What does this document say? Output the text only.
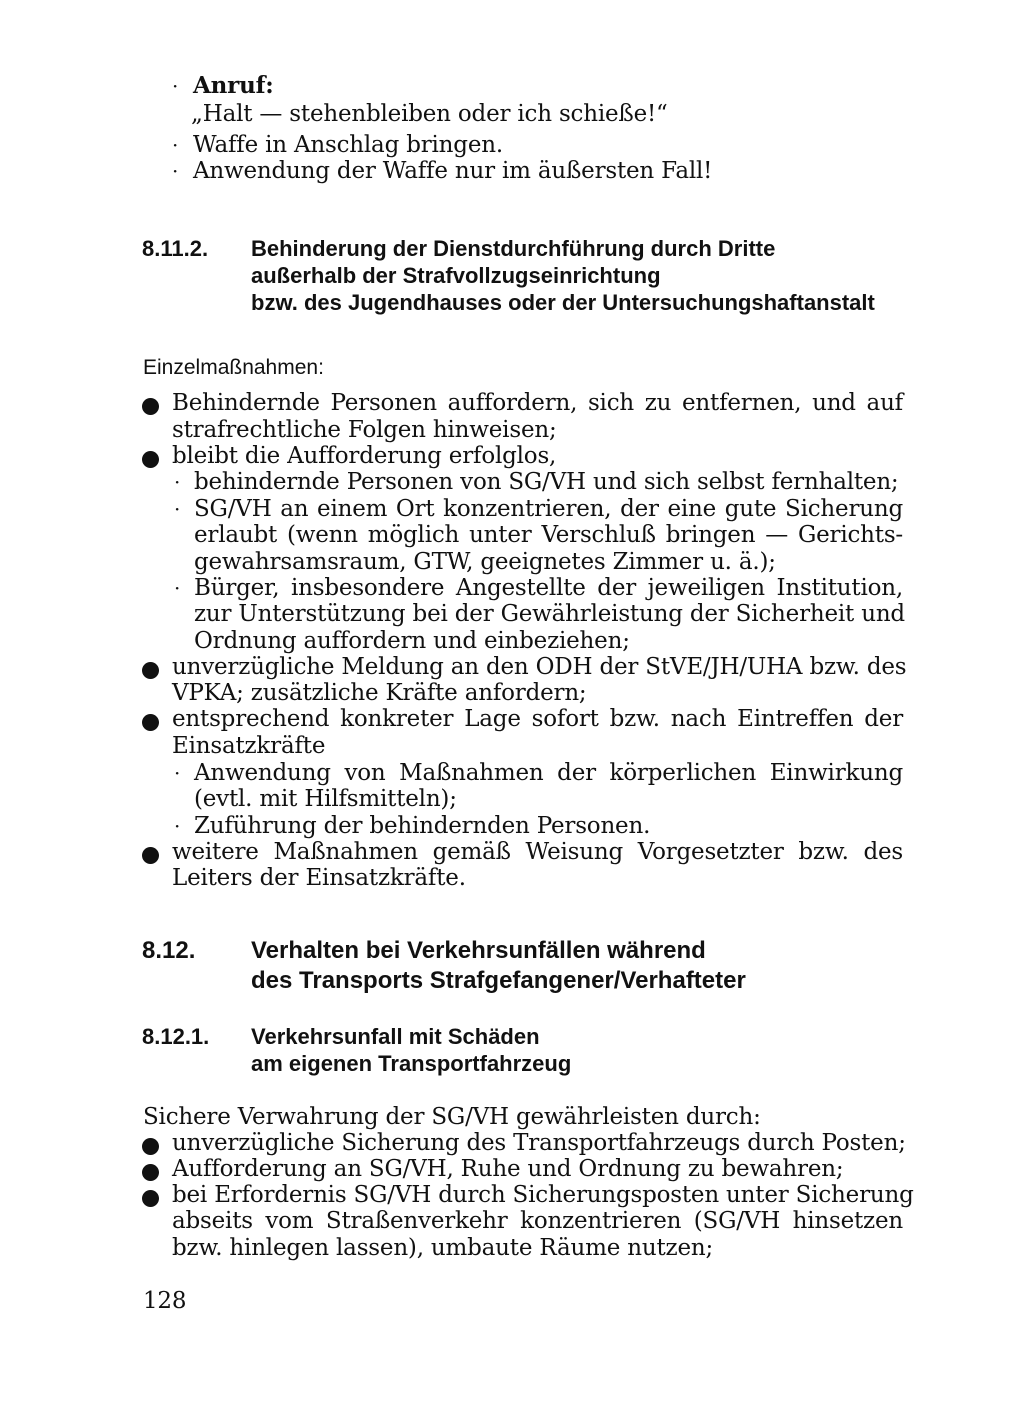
· Anruf:
„Halt — stehenbleiben oder ich schieße!“
· Waffe in Anschlag bringen.
· Anwendung der Waffe nur im äußersten Fall!
8.11.2. Behinderung der Dienstdurchführung durch Dritte
außerhalb der Strafvollzugseinrichtung
bzw. des Jugendhauses oder der Untersuchungshaftanstalt
Einzelmaßnahmen:
Behindernde Personen auffordern, sich zu entfernen, und auf
strafrechtliche Folgen hinweisen;
bleibt die Aufforderung erfolglos,
· behindernde Personen von SG/VH und sich selbst fernhalten;
· SG/VH an einem Ort konzentrieren, der eine gute Sicherung
erlaubt (wenn möglich unter Verschluß bringen — Gerichts-
gewahrsamsraum, GTW, geeignetes Zimmer u. ä.);
· Bürger, insbesondere Angestellte der jeweiligen Institution,
zur Unterstützung bei der Gewährleistung der Sicherheit und
Ordnung auffordern und einbeziehen;
unverzügliche Meldung an den ODH der StVE/JH/UHA bzw. des
VPKA; zusätzliche Kräfte anfordern;
entsprechend konkreter Lage sofort bzw. nach Eintreffen der
Einsatzkräfte
· Anwendung von Maßnahmen der körperlichen Einwirkung
(evtl. mit Hilfsmitteln);
· Zuführung der behindernden Personen.
weitere Maßnahmen gemäß Weisung Vorgesetzter bzw. des
Leiters der Einsatzkräfte.
8.12. Verhalten bei Verkehrsunfällen während
des Transports Strafgefangener/Verhafteter
8.12.1. Verkehrsunfall mit Schäden
am eigenen Transportfahrzeug
Sichere Verwahrung der SG/VH gewährleisten durch:
unverzügliche Sicherung des Transportfahrzeugs durch Posten;
Aufforderung an SG/VH, Ruhe und Ordnung zu bewahren;
bei Erfordernis SG/VH durch Sicherungsposten unter Sicherung
abseits vom Straßenverkehr konzentrieren (SG/VH hinsetzen
bzw. hinlegen lassen), umbaute Räume nutzen;
128
